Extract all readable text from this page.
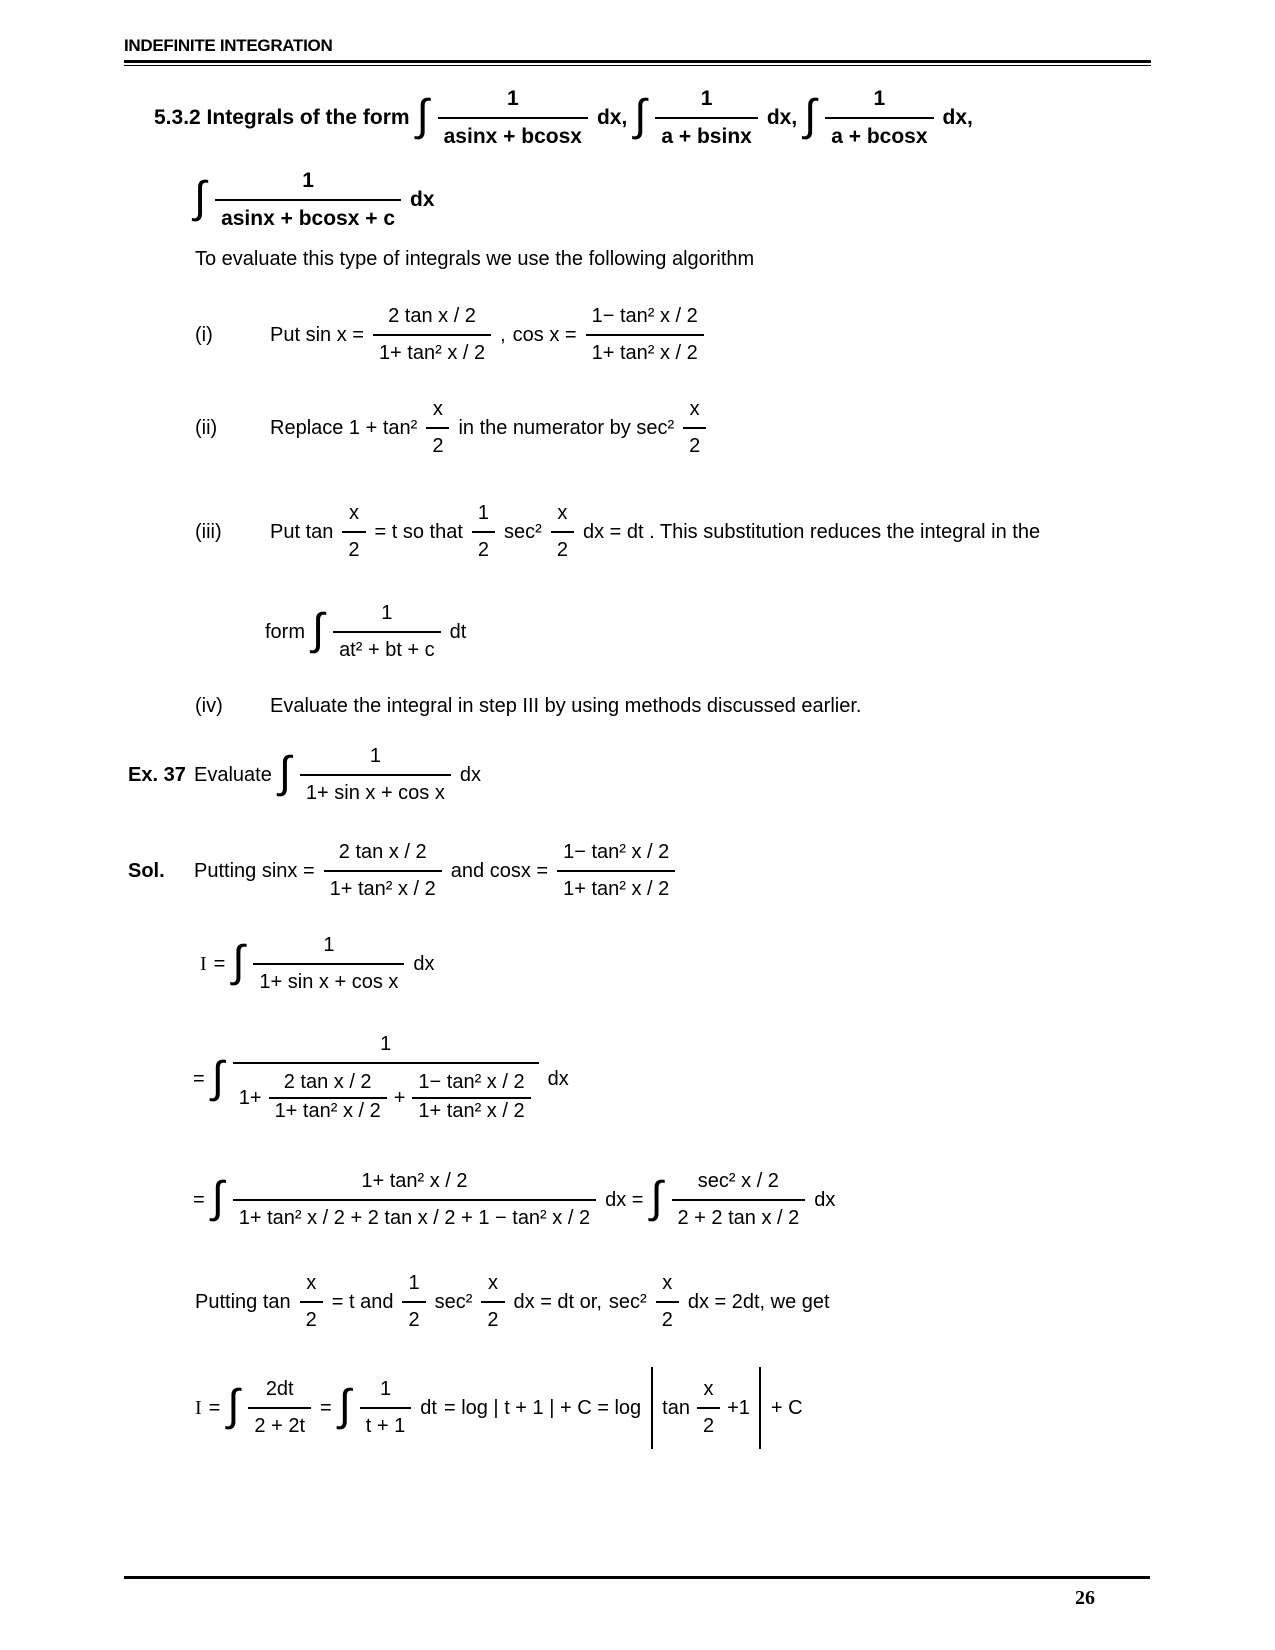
INDEFINITE INTEGRATION
5.3.2 Integrals of the form ∫ $\frac{1}{asinx + bcosx}$ dx, ∫ $\frac{1}{a + bsinx}$ dx, ∫ $\frac{1}{a + bcosx}$ dx,
∫ $\frac{1}{asinx + bcosx + c}$ dx
To evaluate this type of integrals we use the following algorithm
(i)	Put $\sin x = \frac{\text{2 tan x / 2}}{\text{1+ tan² x / 2}}$ , $\cos x = \frac{\text{1− tan² x / 2}}{\text{1+ tan² x / 2}}$
(ii)	Replace $1 + \tan^2 \frac{x}{2}$ in the numerator by $\sec^2 \frac{x}{2}$
(iii)	Put $\tan \frac{x}{2} = t$ so that $\frac{1}{2} \sec^2 \frac{x}{2}$ dx = dt . This substitution reduces the integral in the
form ∫ $\frac{1}{\text{at² + bt + c}}$ dt
(iv)	Evaluate the integral in step III by using methods discussed earlier.
Ex. 37 Evaluate ∫ $\frac{1}{\text{1+ sin x + cos x}}$ dx
Sol.	Putting $\sin x = \frac{\text{2 tan x / 2}}{\text{1+ tan² x / 2}}$ and $\cos x = \frac{\text{1− tan² x / 2}}{\text{1+ tan² x / 2}}$
I = ∫ $\frac{1}{\text{1+ sin x + cos x}}$ dx
= ∫
1
$1+ \frac{\text{2 tan x / 2}}{\text{1+ tan² x / 2}} + \frac{\text{1− tan² x / 2}}{\text{1+ tan² x / 2}}$ dx
= ∫ $\frac{\text{1+ tan² x / 2}}{\text{1+ tan² x / 2 + 2 tan x / 2 + 1 − tan² x / 2}}$ dx = ∫ $\frac{\text{sec² x / 2}}{\text{2 + 2 tan x / 2}}$ dx
Putting $\tan \frac{x}{2} = t$ and $\frac{1}{2} \sec^2 \frac{x}{2}$ dx = dt or, $\sec^2 \frac{x}{2}$ dx = 2dt, we get
I = ∫ $\frac{2dt}{2 + 2t}$ = ∫ $\frac{1}{t + 1}$ dt = log | t + 1 | + $C = \log \tan \frac{x}{2} +1 + C$
26
